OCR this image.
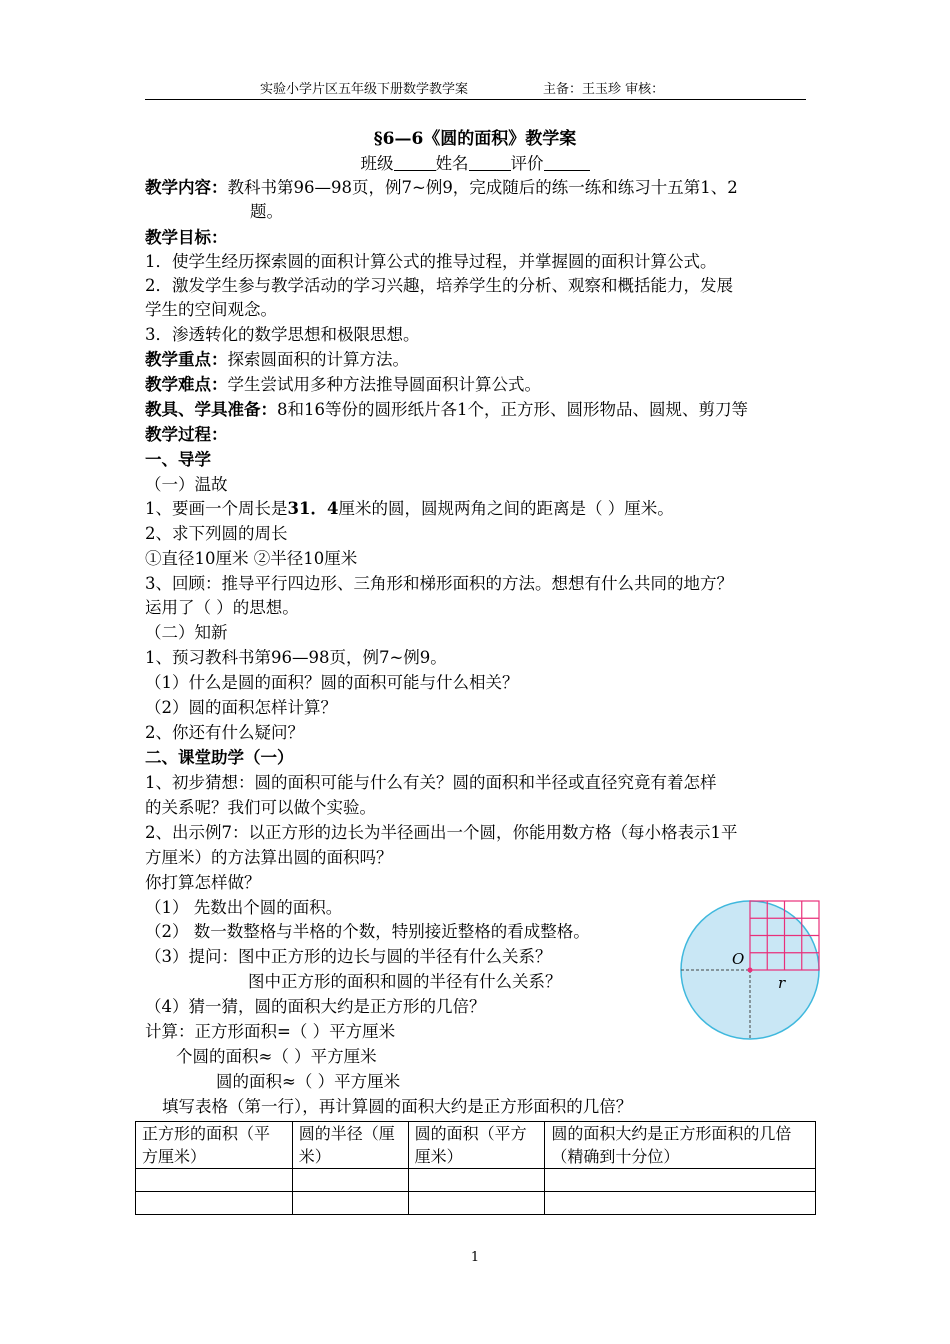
实验小学片区五年级下册数学教学案	主备：王玉珍 审核：
§6—6《圆的面积》教学案
班级	姓名	评价
教学内容：教科书第96—98页，例7~例9，完成随后的练一练和练习十五第1、2
题。
教学目标：
1．使学生经历探索圆的面积计算公式的推导过程，并掌握圆的面积计算公式。
2．激发学生参与教学活动的学习兴趣，培养学生的分析、观察和概括能力，发展
学生的空间观念。
3．渗透转化的数学思想和极限思想。
教学重点：探索圆面积的计算方法。
教学难点：学生尝试用多种方法推导圆面积计算公式。
教具、学具准备：8和16等份的圆形纸片各1个，正方形、圆形物品、圆规、剪刀等
教学过程：
一、导学
（一）温故
1、要画一个周长是31．4厘米的圆，圆规两角之间的距离是（ ）厘米。
2、求下列圆的周长
①直径10厘米 ②半径10厘米
3、回顾：推导平行四边形、三角形和梯形面积的方法。想想有什么共同的地方？
运用了（ ）的思想。
（二）知新
1、预习教科书第96—98页，例7~例9。
（1）什么是圆的面积？圆的面积可能与什么相关？
（2）圆的面积怎样计算？
2、你还有什么疑问？
二、课堂助学（一）
1、初步猜想：圆的面积可能与什么有关？圆的面积和半径或直径究竟有着怎样
的关系呢？我们可以做个实验。
2、出示例7：以正方形的边长为半径画出一个圆，你能用数方格（每小格表示1平
方厘米）的方法算出圆的面积吗？
你打算怎样做？
（1） 先数出个圆的面积。
（2） 数一数整格与半格的个数，特别接近整格的看成整格。
（3）提问：图中正方形的边长与圆的半径有什么关系？
图中正方形的面积和圆的半径有什么关系？
（4）猜一猜，圆的面积大约是正方形的几倍？
计算：正方形面积=（ ）平方厘米
个圆的面积≈（ ）平方厘米
圆的面积≈（ ）平方厘米
填写表格（第一行），再计算圆的面积大约是正方形面积的几倍？
O
r
正方形的面积（平方厘米）	圆的半径（厘米）	圆的面积（平方厘米）	圆的面积大约是正方形面积的几倍（精确到十分位）

1
